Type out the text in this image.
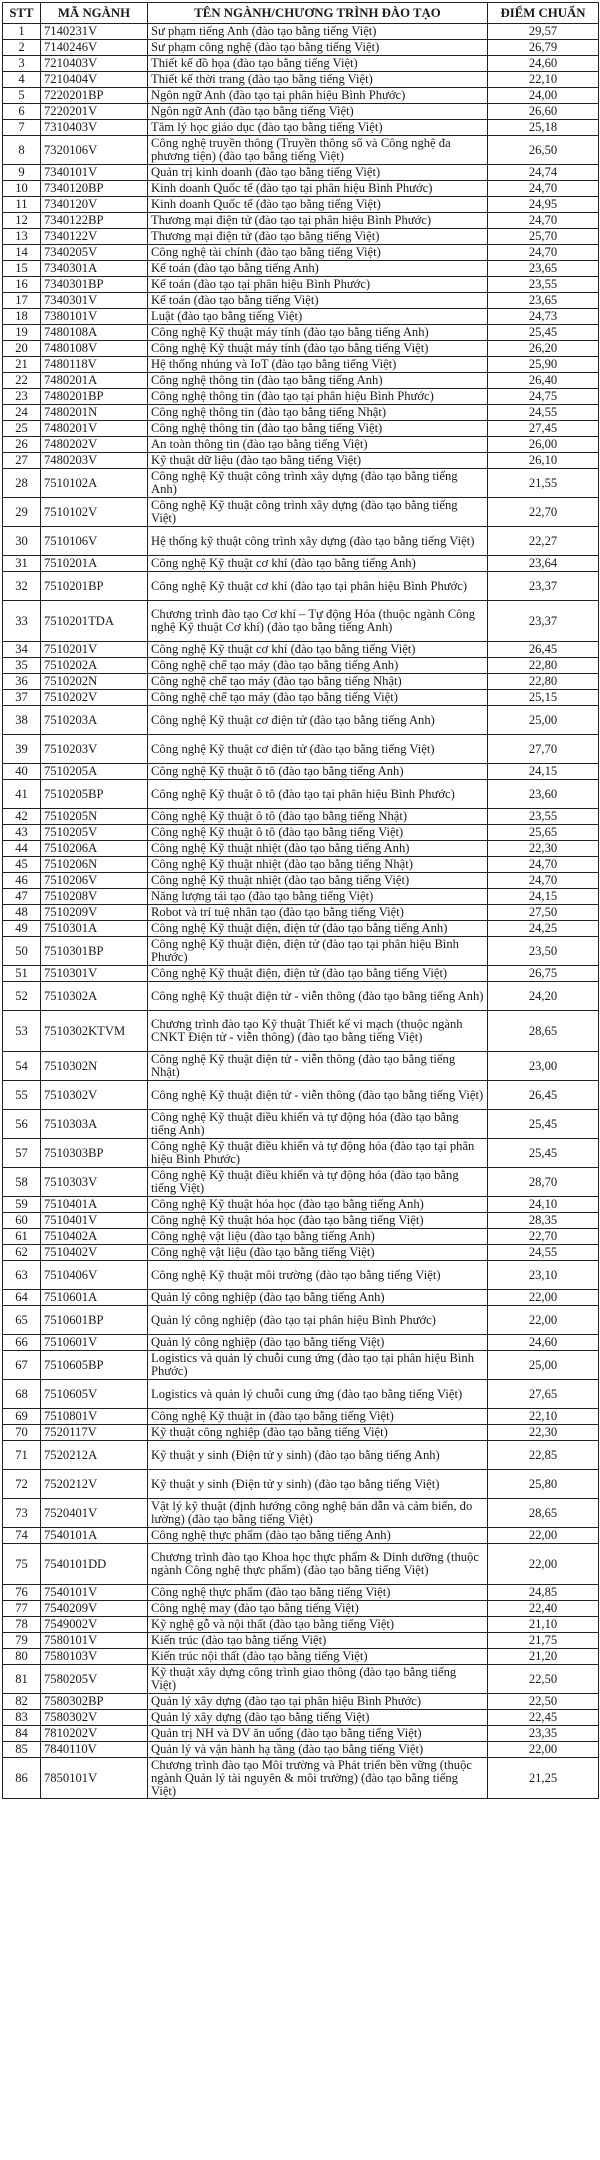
STT	MÃ NGÀNH	TÊN NGÀNH/CHƯƠNG TRÌNH ĐÀO TẠO	ĐIỂM CHUẨN
1	7140231V	Sư phạm tiếng Anh (đào tạo bằng tiếng Việt)	29,57
2	7140246V	Sư phạm công nghệ (đào tạo bằng tiếng Việt)	26,79
3	7210403V	Thiết kế đồ họa (đào tạo bằng tiếng Việt)	24,60
4	7210404V	Thiết kế thời trang (đào tạo bằng tiếng Việt)	22,10
5	7220201BP	Ngôn ngữ Anh (đào tạo tại phân hiệu Bình Phước)	24,00
6	7220201V	Ngôn ngữ Anh (đào tạo bằng tiếng Việt)	26,60
7	7310403V	Tâm lý học giáo dục (đào tạo bằng tiếng Việt)	25,18
8	7320106V	Công nghệ truyền thông (Truyền thông số và Công nghệ đa phương tiện) (đào tạo bằng tiếng Việt)	26,50
9	7340101V	Quản trị kinh doanh (đào tạo bằng tiếng Việt)	24,74
10	7340120BP	Kinh doanh Quốc tế (đào tạo tại phân hiệu Bình Phước)	24,70
11	7340120V	Kinh doanh Quốc tế (đào tạo bằng tiếng Việt)	24,95
12	7340122BP	Thương mại điện tử (đào tạo tại phân hiệu Bình Phước)	24,70
13	7340122V	Thương mại điện tử (đào tạo bằng tiếng Việt)	25,70
14	7340205V	Công nghệ tài chính (đào tạo bằng tiếng Việt)	24,70
15	7340301A	Kế toán (đào tạo bằng tiếng Anh)	23,65
16	7340301BP	Kế toán (đào tạo tại phân hiệu Bình Phước)	23,55
17	7340301V	Kế toán (đào tạo bằng tiếng Việt)	23,65
18	7380101V	Luật (đào tạo bằng tiếng Việt)	24,73
19	7480108A	Công nghệ Kỹ thuật máy tính (đào tạo bằng tiếng Anh)	25,45
20	7480108V	Công nghệ Kỹ thuật máy tính (đào tạo bằng tiếng Việt)	26,20
21	7480118V	Hệ thống nhúng và IoT (đào tạo bằng tiếng Việt)	25,90
22	7480201A	Công nghệ thông tin (đào tạo bằng tiếng Anh)	26,40
23	7480201BP	Công nghệ thông tin (đào tạo tại phân hiệu Bình Phước)	24,75
24	7480201N	Công nghệ thông tin (đào tạo bằng tiếng Nhật)	24,55
25	7480201V	Công nghệ thông tin (đào tạo bằng tiếng Việt)	27,45
26	7480202V	An toàn thông tin (đào tạo bằng tiếng Việt)	26,00
27	7480203V	Kỹ thuật dữ liệu (đào tạo bằng tiếng Việt)	26,10
28	7510102A	Công nghệ Kỹ thuật công trình xây dựng (đào tạo bằng tiếng Anh)	21,55
29	7510102V	Công nghệ Kỹ thuật công trình xây dựng (đào tạo bằng tiếng Việt)	22,70
30	7510106V	Hệ thống kỹ thuật công trình xây dựng (đào tạo bằng tiếng Việt)	22,27
31	7510201A	Công nghệ Kỹ thuật cơ khí (đào tạo bằng tiếng Anh)	23,64
32	7510201BP	Công nghệ Kỹ thuật cơ khí (đào tạo tại phân hiệu Bình Phước)	23,37
33	7510201TDA	Chương trình đào tạo Cơ khí – Tự động Hóa (thuộc ngành Công nghệ Kỹ thuật Cơ khí) (đào tạo bằng tiếng Anh)	23,37
34	7510201V	Công nghệ Kỹ thuật cơ khí (đào tạo bằng tiếng Việt)	26,45
35	7510202A	Công nghệ chế tạo máy (đào tạo bằng tiếng Anh)	22,80
36	7510202N	Công nghệ chế tạo máy (đào tạo bằng tiếng Nhật)	22,80
37	7510202V	Công nghệ chế tạo máy (đào tạo bằng tiếng Việt)	25,15
38	7510203A	Công nghệ Kỹ thuật cơ điện tử (đào tạo bằng tiếng Anh)	25,00
39	7510203V	Công nghệ Kỹ thuật cơ điện tử (đào tạo bằng tiếng Việt)	27,70
40	7510205A	Công nghệ Kỹ thuật ô tô (đào tạo bằng tiếng Anh)	24,15
41	7510205BP	Công nghệ Kỹ thuật ô tô (đào tạo tại phân hiệu Bình Phước)	23,60
42	7510205N	Công nghệ Kỹ thuật ô tô (đào tạo bằng tiếng Nhật)	23,55
43	7510205V	Công nghệ Kỹ thuật ô tô (đào tạo bằng tiếng Việt)	25,65
44	7510206A	Công nghệ Kỹ thuật nhiệt (đào tạo bằng tiếng Anh)	22,30
45	7510206N	Công nghệ Kỹ thuật nhiệt (đào tạo bằng tiếng Nhật)	24,70
46	7510206V	Công nghệ Kỹ thuật nhiệt (đào tạo bằng tiếng Việt)	24,70
47	7510208V	Năng lượng tái tạo (đào tạo bằng tiếng Việt)	24,15
48	7510209V	Robot và trí tuệ nhân tạo (đào tạo bằng tiếng Việt)	27,50
49	7510301A	Công nghệ Kỹ thuật điện, điện tử (đào tạo bằng tiếng Anh)	24,25
50	7510301BP	Công nghệ Kỹ thuật điện, điện tử (đào tạo tại phân hiệu Bình Phước)	23,50
51	7510301V	Công nghệ Kỹ thuật điện, điện tử (đào tạo bằng tiếng Việt)	26,75
52	7510302A	Công nghệ Kỹ thuật điện tử - viễn thông (đào tạo bằng tiếng Anh)	24,20
53	7510302KTVM	Chương trình đào tạo Kỹ thuật Thiết kế vi mạch (thuộc ngành CNKT Điện tử - viễn thông) (đào tạo bằng tiếng Việt)	28,65
54	7510302N	Công nghệ Kỹ thuật điện tử - viễn thông (đào tạo bằng tiếng Nhật)	23,00
55	7510302V	Công nghệ Kỹ thuật điện tử - viễn thông (đào tạo bằng tiếng Việt)	26,45
56	7510303A	Công nghệ Kỹ thuật điều khiển và tự động hóa (đào tạo bằng tiếng Anh)	25,45
57	7510303BP	Công nghệ Kỹ thuật điều khiển và tự động hóa (đào tạo tại phân hiệu Bình Phước)	25,45
58	7510303V	Công nghệ Kỹ thuật điều khiển và tự động hóa (đào tạo bằng tiếng Việt)	28,70
59	7510401A	Công nghệ Kỹ thuật hóa học (đào tạo bằng tiếng Anh)	24,10
60	7510401V	Công nghệ Kỹ thuật hóa học (đào tạo bằng tiếng Việt)	28,35
61	7510402A	Công nghệ vật liệu (đào tạo bằng tiếng Anh)	22,70
62	7510402V	Công nghệ vật liệu (đào tạo bằng tiếng Việt)	24,55
63	7510406V	Công nghệ Kỹ thuật môi trường (đào tạo bằng tiếng Việt)	23,10
64	7510601A	Quản lý công nghiệp (đào tạo bằng tiếng Anh)	22,00
65	7510601BP	Quản lý công nghiệp (đào tạo tại phân hiệu Bình Phước)	22,00
66	7510601V	Quản lý công nghiệp (đào tạo bằng tiếng Việt)	24,60
67	7510605BP	Logistics và quản lý chuỗi cung ứng (đào tạo tại phân hiệu Bình Phước)	25,00
68	7510605V	Logistics và quản lý chuỗi cung ứng (đào tạo bằng tiếng Việt)	27,65
69	7510801V	Công nghệ Kỹ thuật in (đào tạo bằng tiếng Việt)	22,10
70	7520117V	Kỹ thuật công nghiệp (đào tạo bằng tiếng Việt)	22,30
71	7520212A	Kỹ thuật y sinh (Điện tử y sinh) (đào tạo bằng tiếng Anh)	22,85
72	7520212V	Kỹ thuật y sinh (Điện tử y sinh) (đào tạo bằng tiếng Việt)	25,80
73	7520401V	Vật lý kỹ thuật (định hướng công nghệ bán dẫn và cảm biến, đo lường) (đào tạo bằng tiếng Việt)	28,65
74	7540101A	Công nghệ thực phẩm (đào tạo bằng tiếng Anh)	22,00
75	7540101DD	Chương trình đào tạo Khoa học thực phẩm & Dinh dưỡng (thuộc ngành Công nghệ thực phẩm) (đào tạo bằng tiếng Việt)	22,00
76	7540101V	Công nghệ thực phẩm (đào tạo bằng tiếng Việt)	24,85
77	7540209V	Công nghệ may (đào tạo bằng tiếng Việt)	22,40
78	7549002V	Kỹ nghệ gỗ và nội thất (đào tạo bằng tiếng Việt)	21,10
79	7580101V	Kiến trúc (đào tạo bằng tiếng Việt)	21,75
80	7580103V	Kiến trúc nội thất (đào tạo bằng tiếng Việt)	21,20
81	7580205V	Kỹ thuật xây dựng công trình giao thông (đào tạo bằng tiếng Việt)	22,50
82	7580302BP	Quản lý xây dựng (đào tạo tại phân hiệu Bình Phước)	22,50
83	7580302V	Quản lý xây dựng (đào tạo bằng tiếng Việt)	22,45
84	7810202V	Quản trị NH và DV ăn uống (đào tạo bằng tiếng Việt)	23,35
85	7840110V	Quản lý và vận hành hạ tầng (đào tạo bằng tiếng Việt)	22,00
86	7850101V	Chương trình đào tạo Môi trường và Phát triển bền vững (thuộc ngành Quản lý tài nguyên & môi trường) (đào tạo bằng tiếng Việt)	21,25
